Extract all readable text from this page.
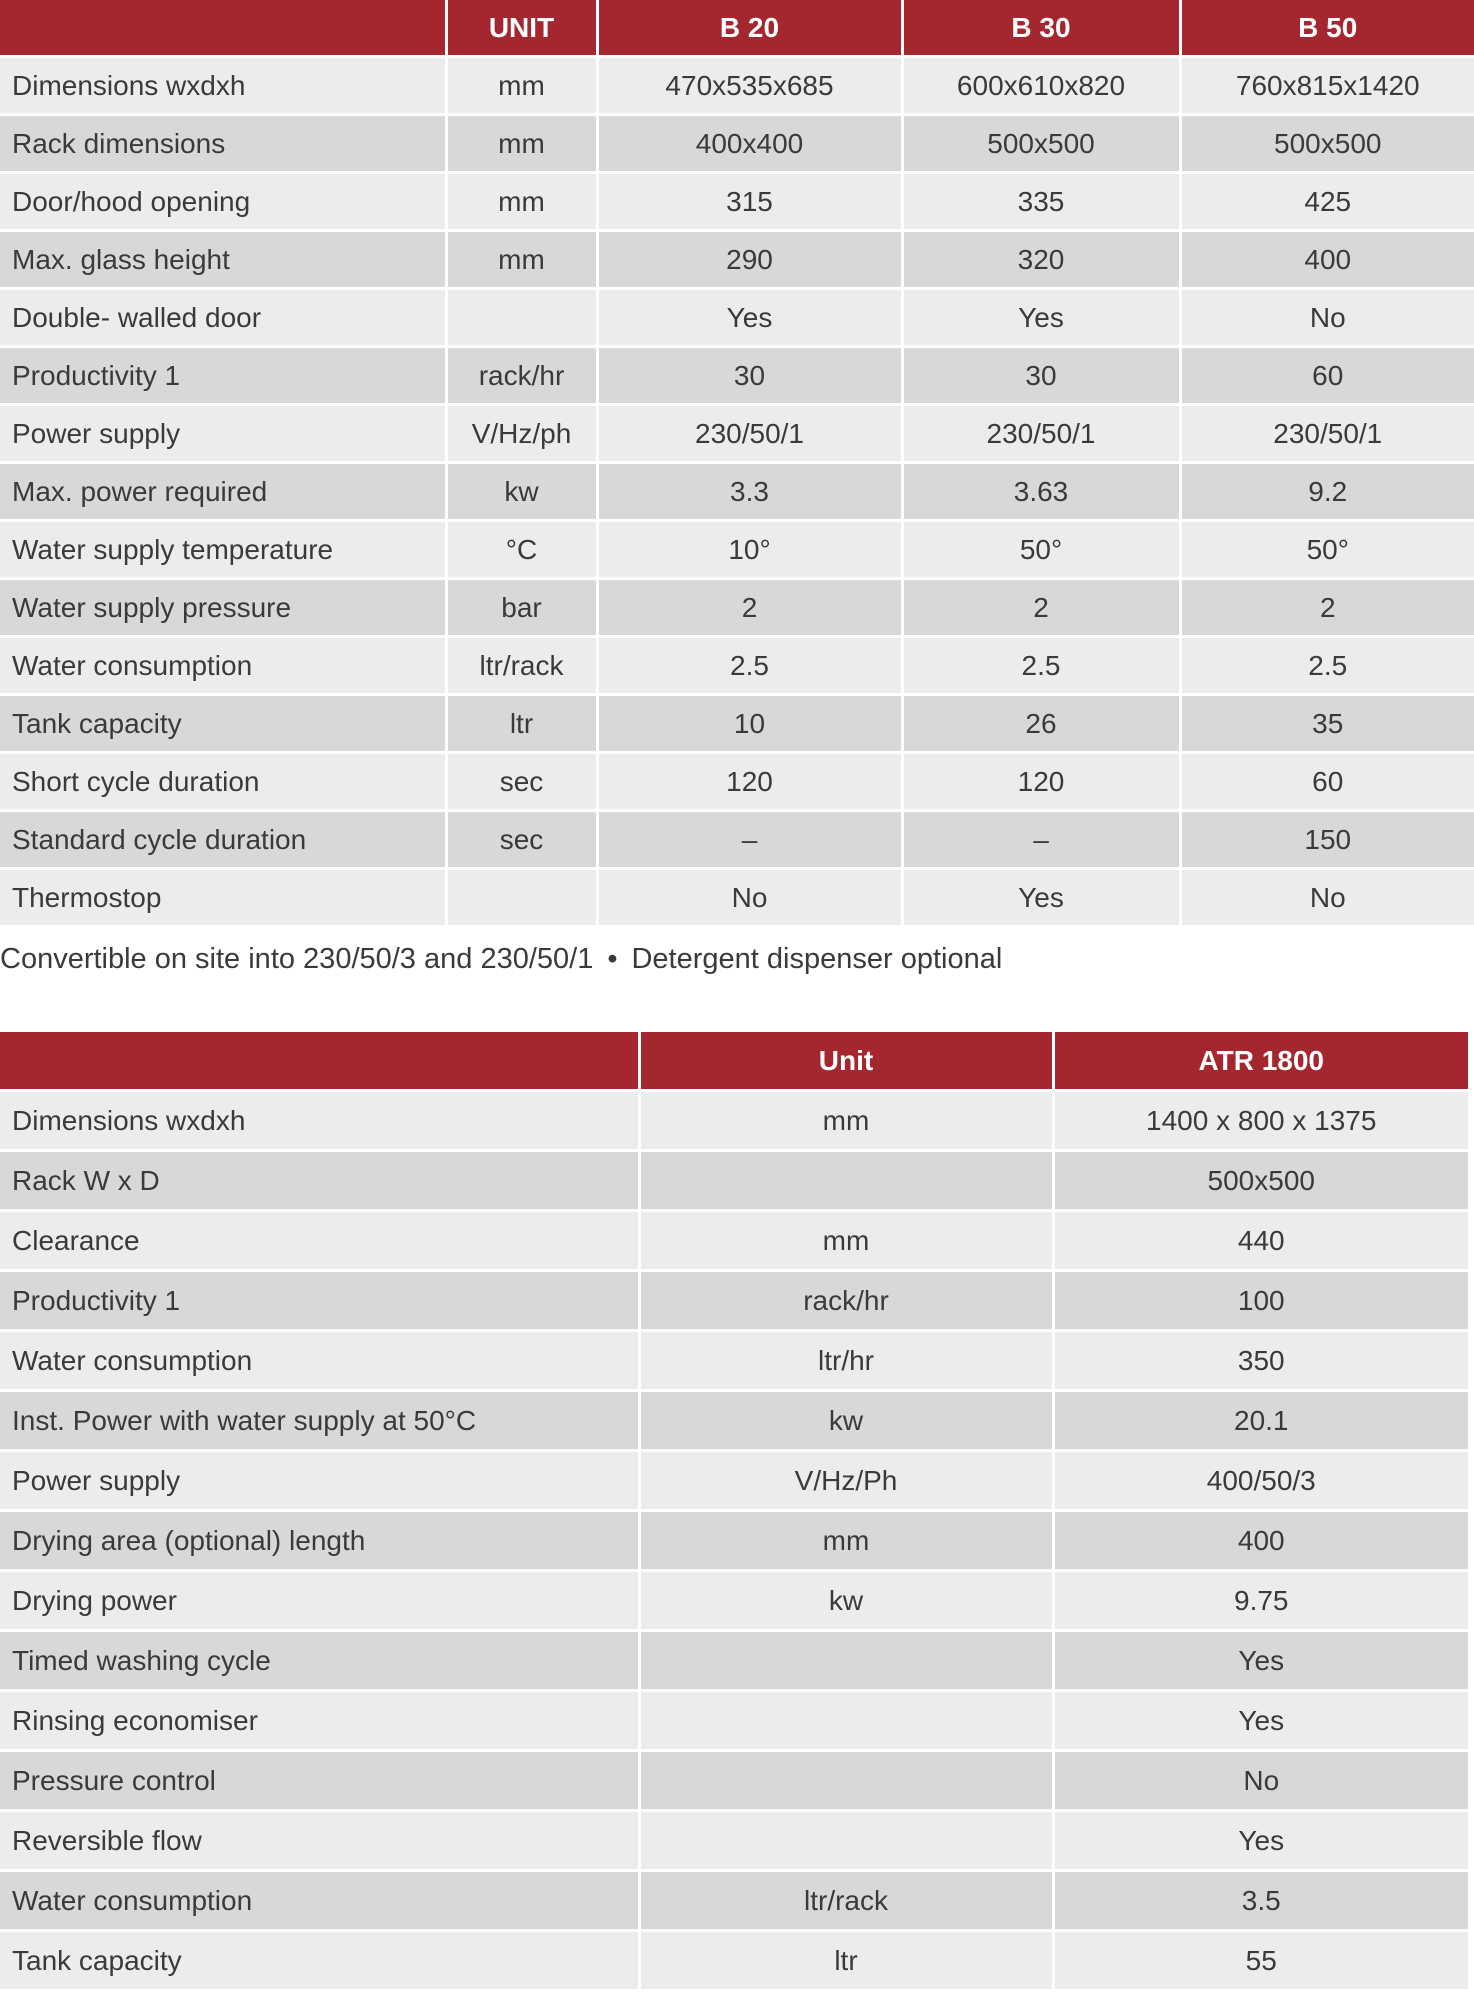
	UNIT	B 20	B 30	B 50
Dimensions wxdxh	mm	470x535x685	600x610x820	760x815x1420
Rack dimensions	mm	400x400	500x500	500x500
Door/hood opening	mm	315	335	425
Max. glass height	mm	290	320	400
Double- walled door		Yes	Yes	No
Productivity 1	rack/hr	30	30	60
Power supply	V/Hz/ph	230/50/1	230/50/1	230/50/1
Max. power required	kw	3.3	3.63	9.2
Water supply temperature	°C	10°	50°	50°
Water supply pressure	bar	2	2	2
Water consumption	ltr/rack	2.5	2.5	2.5
Tank capacity	ltr	10	26	35
Short cycle duration	sec	120	120	60
Standard cycle duration	sec	–	–	150
Thermostop		No	Yes	No
Convertible on site into 230/50/3 and 230/50/1 • Detergent dispenser optional
	Unit	ATR 1800
Dimensions wxdxh	mm	1400 x 800 x 1375
Rack W x D		500x500
Clearance	mm	440
Productivity 1	rack/hr	100
Water consumption	ltr/hr	350
Inst. Power with water supply at 50°C	kw	20.1
Power supply	V/Hz/Ph	400/50/3
Drying area (optional) length	mm	400
Drying power	kw	9.75
Timed washing cycle		Yes
Rinsing economiser		Yes
Pressure control		No
Reversible flow		Yes
Water consumption	ltr/rack	3.5
Tank capacity	ltr	55
